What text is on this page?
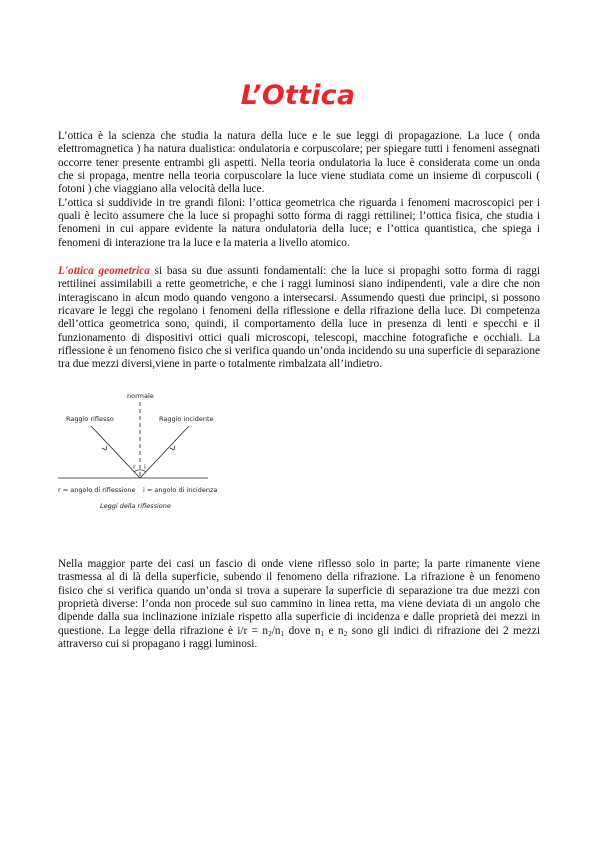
L’Ottica

L’ottica è la scienza che studia la natura della luce e le sue leggi di propagazione. La luce ( onda elettromagnetica ) ha natura dualistica: ondulatoria e corpuscolare; per spiegare tutti i fenomeni assegnati occorre tener presente entrambi gli aspetti. Nella teoria ondulatoria la luce è considerata come un onda che si propaga, mentre nella teoria corpuscolare la luce viene studiata come un insieme di corpuscoli ( fotoni ) che viaggiano alla velocità della luce.
L’ottica si suddivide in tre grandi filoni: l’ottica geometrica che riguarda i fenomeni macroscopici per i quali è lecito assumere che la luce si propaghi sotto forma di raggi rettilinei; l’ottica fisica, che studia i fenomeni in cui appare evidente la natura ondulatoria della luce; e l’ottica quantistica, che spiega i fenomeni di interazione tra la luce e la materia a livello atomico.

L'ottica geometrica si basa su due assunti fondamentali: che la luce si propaghi sotto forma di raggi rettilinei assimilabili a rette geometriche, e che i raggi luminosi siano indipendenti, vale a dire che non interagiscano in alcun modo quando vengono a intersecarsi. Assumendo questi due principi, si possono ricavare le leggi che regolano i fenomeni della riflessione e della rifrazione della luce. Di competenza dell’ottica geometrica sono, quindi, il comportamento della luce in presenza di lenti e specchi e il funzionamento di dispositivi ottici quali microscopi, telescopi, macchine fotografiche e occhiali. La riflessione è un fenomeno fisico che si verifica quando un’onda incidendo su una superficie di separazione tra due mezzi diversi,viene in parte o totalmente rimbalzata all’indietro.

r i
normale
Raggio riflesso	Raggio incidente
r = angolo di riflessione i = angolo di incidenza
Leggi della riflessione

Nella maggior parte dei casi un fascio di onde viene riflesso solo in parte; la parte rimanente viene trasmessa al di là della superficie, subendo il fenomeno della rifrazione. La rifrazione è un fenomeno fisico che si verifica quando un’onda si trova a superare la superficie di separazione tra due mezzi con proprietà diverse: l’onda non procede sul suo cammino in linea retta, ma viene deviata di un angolo che dipende dalla sua inclinazione iniziale rispetto alla superficie di incidenza e dalle proprietà dei mezzi in questione. La legge della rifrazione è $i/r = n_2/n_1$ dove $n_1$ e $n_2$ sono gli indici di rifrazione dei 2 mezzi attraverso cui si propagano i raggi luminosi.
